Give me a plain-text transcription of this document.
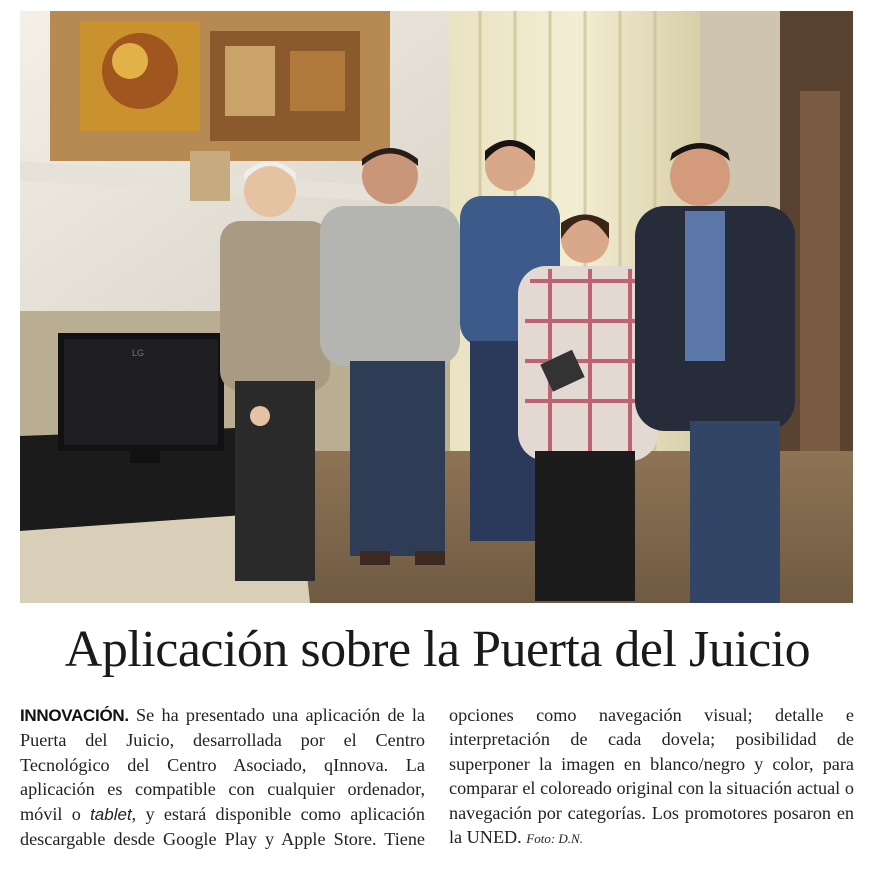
LG
Aplicación sobre la Puerta del Juicio

INNOVACIÓN. Se ha presentado una aplicación de la Puerta del Juicio, desarrollada por el Centro Tecnológico del Centro Asociado, qInnova. La aplicación es compatible con cualquier ordenador, móvil o tablet, y estará disponible como aplicación descargable desde Google Play y Apple Store. Tiene opciones como navegación visual; detalle e interpretación de cada dovela; posibilidad de superponer la imagen en blanco/negro y color, para comparar el coloreado original con la situación actual o navegación por categorías. Los promotores posaron en la UNED. Foto: D.N.
